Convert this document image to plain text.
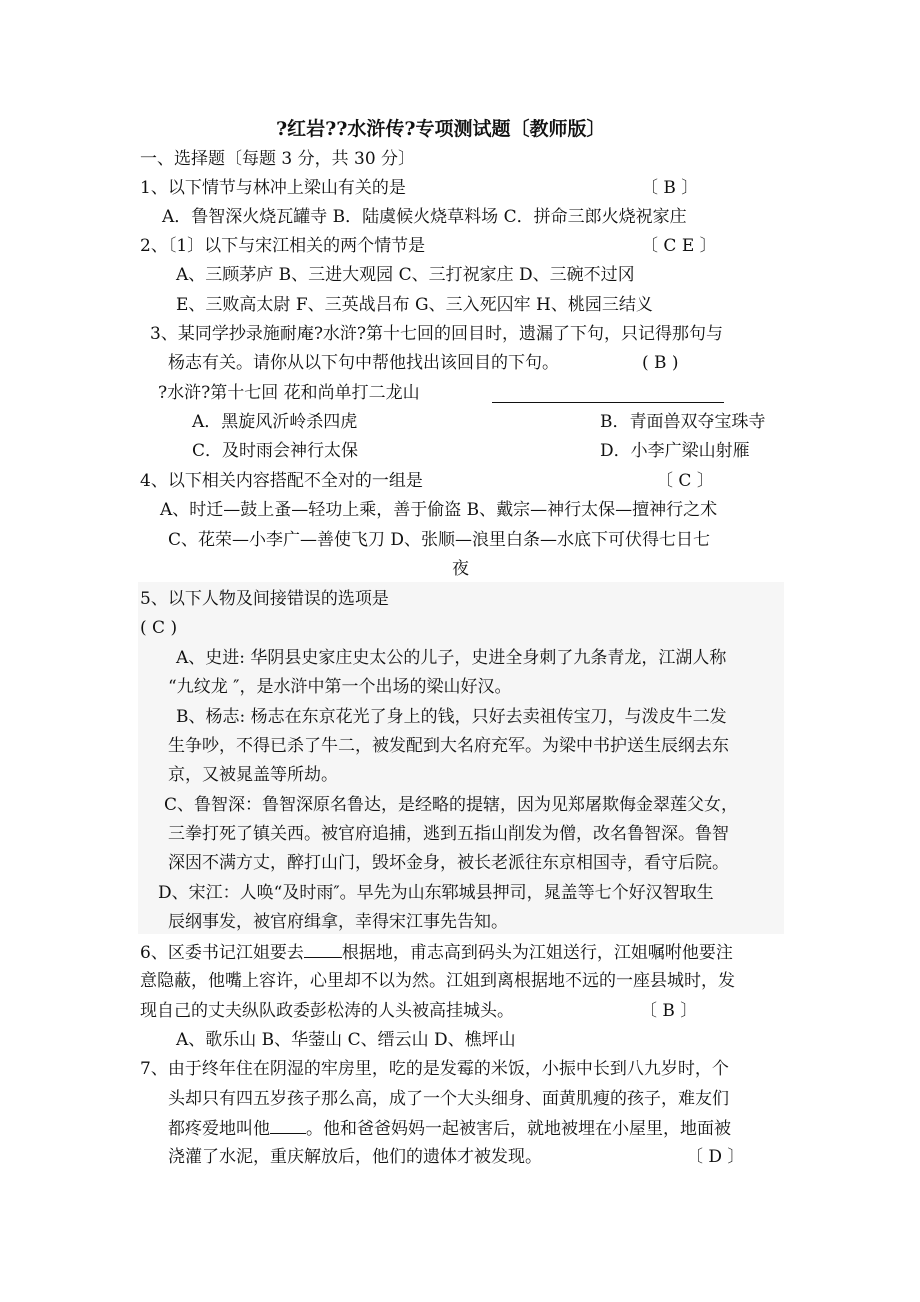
?红岩??水浒传?专项测试题〔教师版〕
一、选择题〔每题 3 分，共 30 分〕
1、以下情节与林冲上梁山有关的是	〔 B 〕
A．鲁智深火烧瓦罐寺 B．陆虞候火烧草料场 C．拼命三郎火烧祝家庄
2、〔1〕以下与宋江相关的两个情节是	〔 C E 〕
A、三顾茅庐 B、三进大观园 C、三打祝家庄 D、三碗不过冈
E、三败高太尉 F、三英战吕布 G、三入死囚牢 H、桃园三结义
3、某同学抄录施耐庵?水浒?第十七回的回目时，遗漏了下句，只记得那句与
杨志有关。请你从以下句中帮他找出该回目的下句。	( B )
?水浒?第十七回 花和尚单打二龙山
A．黑旋风沂岭杀四虎	B．青面兽双夺宝珠寺
C．及时雨会神行太保	D．小李广梁山射雁
4、以下相关内容搭配不全对的一组是	〔 C 〕
A、时迁—鼓上蚤—轻功上乘，善于偷盗 B、戴宗—神行太保—擅神行之术
C、花荣—小李广—善使飞刀 D、张顺—浪里白条—水底下可伏得七日七
夜
5、以下人物及间接错误的选项是
( C )
A、史进: 华阴县史家庄史太公的儿子，史进全身刺了九条青龙，江湖人称
“九纹龙 ″，是水浒中第一个出场的梁山好汉。
B、杨志: 杨志在东京花光了身上的钱，只好去卖祖传宝刀，与泼皮牛二发
生争吵，不得已杀了牛二，被发配到大名府充军。为梁中书护送生辰纲去东
京，又被晁盖等所劫。
C、鲁智深：鲁智深原名鲁达，是经略的提辖，因为见郑屠欺侮金翠莲父女，
三拳打死了镇关西。被官府追捕，逃到五指山削发为僧，改名鲁智深。鲁智
深因不满方丈，醉打山门，毁坏金身，被长老派往东京相国寺，看守后院。
D、宋江：人唤“及时雨″。早先为山东郓城县押司，晁盖等七个好汉智取生
辰纲事发，被官府缉拿，幸得宋江事先告知。
6、区委书记江姐要去 根据地，甫志高到码头为江姐送行，江姐嘱咐他要注
意隐蔽，他嘴上容许，心里却不以为然。江姐到离根据地不远的一座县城时，发
现自己的丈夫纵队政委彭松涛的人头被高挂城头。	〔 B 〕
A、歌乐山 B、华蓥山 C、缙云山 D、樵坪山
7、由于终年住在阴湿的牢房里，吃的是发霉的米饭，小振中长到八九岁时，个
头却只有四五岁孩子那么高，成了一个大头细身、面黄肌瘦的孩子，难友们
都疼爱地叫他 。他和爸爸妈妈一起被害后，就地被埋在小屋里，地面被
浇灌了水泥，重庆解放后，他们的遗体才被发现。	〔 D 〕
